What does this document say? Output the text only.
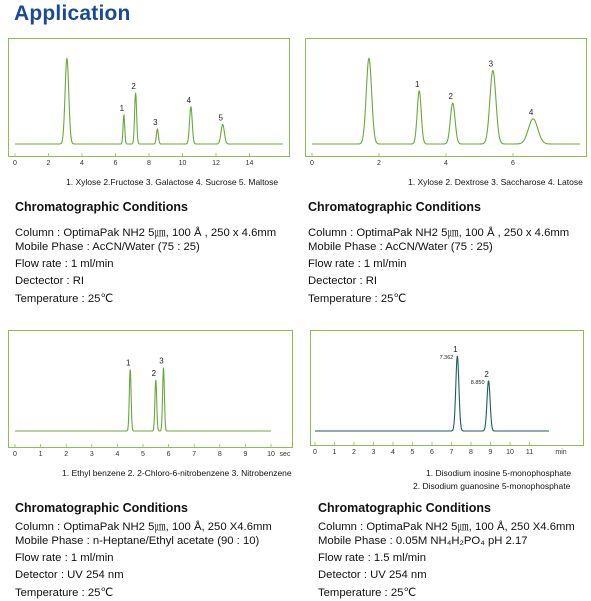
Application
1
2
3
4
5
0	2	4	6	8	10	12	14
1. Xylose 2.Fructose 3. Galactose 4. Sucrose 5. Maltose
Chromatographic Conditions
Column : OptimaPak NH2 5㎛, 100 Å , 250 x 4.6mm
Mobile Phase : AcCN/Water (75 : 25)
Flow rate : 1 ml/min
Dectector : RI
Temperature : 25℃
1
2
3
4
0	2	4	6
1. Xylose 2. Dextrose 3. Saccharose 4. Latose
Chromatographic Conditions
Column : OptimaPak NH2 5㎛, 100 Å , 250 x 4.6mm
Mobile Phase : AcCN/Water (75 : 25)
Flow rate : 1 ml/min
Dectector : RI
Temperature : 25℃
1
2
3
0	1	2	3	4	5	6	7	8	9	10 sec
1. Ethyl benzene 2. 2-Chloro-6-nitrobenzene 3. Nitrobenzene
Chromatographic Conditions
Column : OptimaPak NH2 5㎛, 100 Å, 250 X4.6mm
Mobile Phase : n-Heptane/Ethyl acetate (90 : 10)
Flow rate : 1 ml/min
Detector : UV 254 nm
Temperature : 25℃
1
7.362
2
8.850
0 1 2 3 4 5 6 7 8 9 10 11	min
1. Disodium inosine 5-monophosphate
2. Disodium guanosine 5-monophosphate
Chromatographic Conditions
Column : OptimaPak NH2 5㎛, 100 Å, 250 X4.6mm
Mobile Phase : 0.05M NH₄H₂PO₄ pH 2.17
Flow rate : 1.5 ml/min
Detector : UV 254 nm
Temperature : 25℃
